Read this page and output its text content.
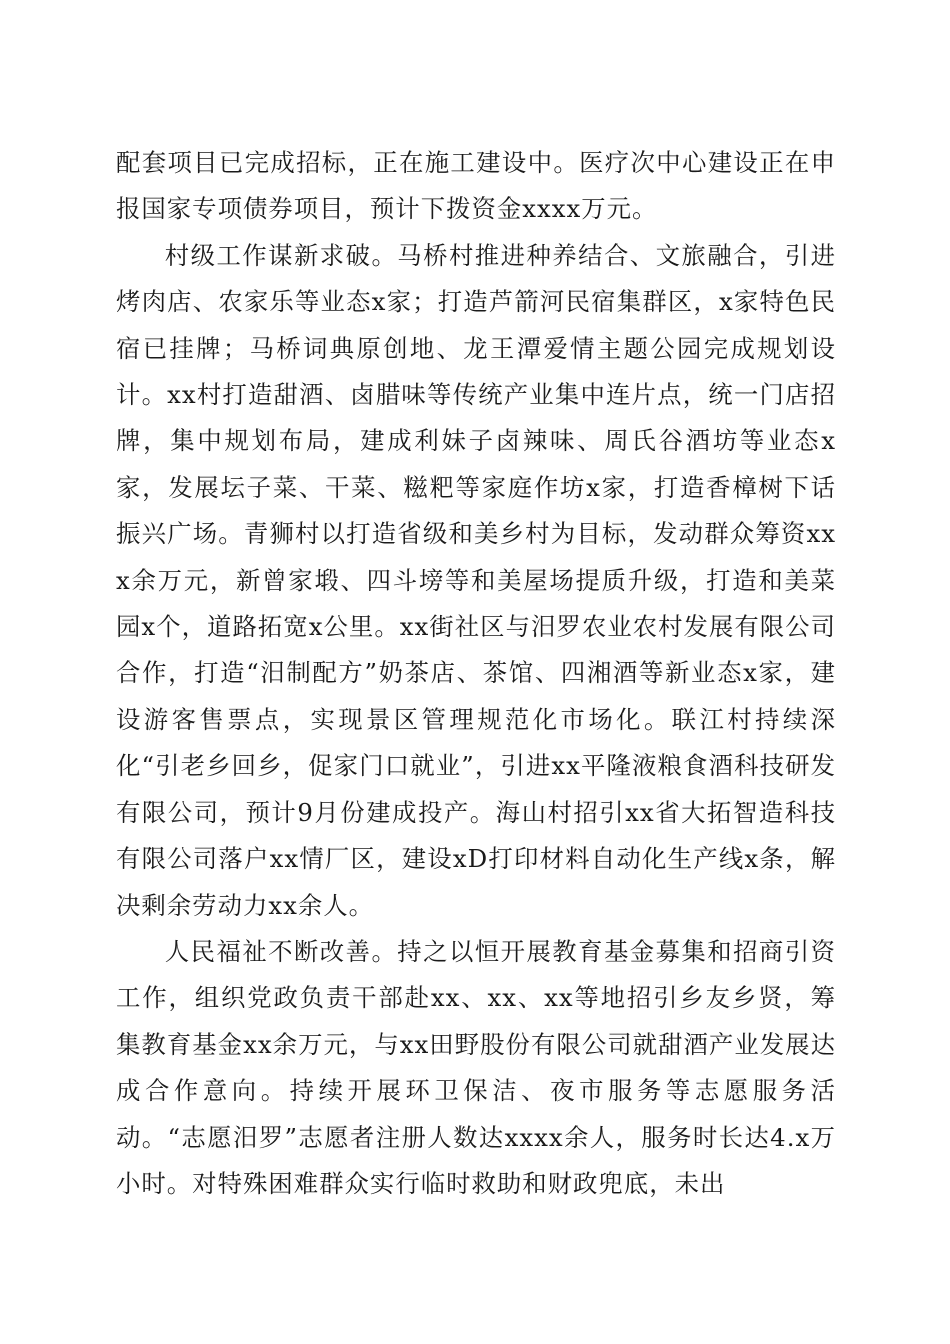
配套项目已完成招标，正在施工建设中。医疗次中心建设正在申报国家专项债券项目，预计下拨资金xxxx万元。

村级工作谋新求破。马桥村推进种养结合、文旅融合，引进烤肉店、农家乐等业态x家；打造芦箭河民宿集群区，x家特色民宿已挂牌；马桥词典原创地、龙王潭爱情主题公园完成规划设计。xx村打造甜酒、卤腊味等传统产业集中连片点，统一门店招牌，集中规划布局，建成利妹子卤辣味、周氏谷酒坊等业态x家，发展坛子菜、干菜、糍粑等家庭作坊x家，打造香樟树下话振兴广场。青狮村以打造省级和美乡村为目标，发动群众筹资xxx余万元，新曾家塅、四斗塝等和美屋场提质升级，打造和美菜园x个，道路拓宽x公里。xx街社区与汨罗农业农村发展有限公司合作，打造“汨制配方”奶茶店、茶馆、四湘酒等新业态x家，建设游客售票点，实现景区管理规范化市场化。联江村持续深化“引老乡回乡，促家门口就业”，引进xx平隆液粮食酒科技研发有限公司，预计9月份建成投产。海山村招引xx省大拓智造科技有限公司落户xx情厂区，建设xD打印材料自动化生产线x条，解决剩余劳动力xx余人。

人民福祉不断改善。持之以恒开展教育基金募集和招商引资工作，组织党政负责干部赴xx、xx、xx等地招引乡友乡贤，筹集教育基金xx余万元，与xx田野股份有限公司就甜酒产业发展达成合作意向。持续开展环卫保洁、夜市服务等志愿服务活动。“志愿汨罗”志愿者注册人数达xxxx余人，服务时长达4.x万小时。对特殊困难群众实行临时救助和财政兜底，未出
